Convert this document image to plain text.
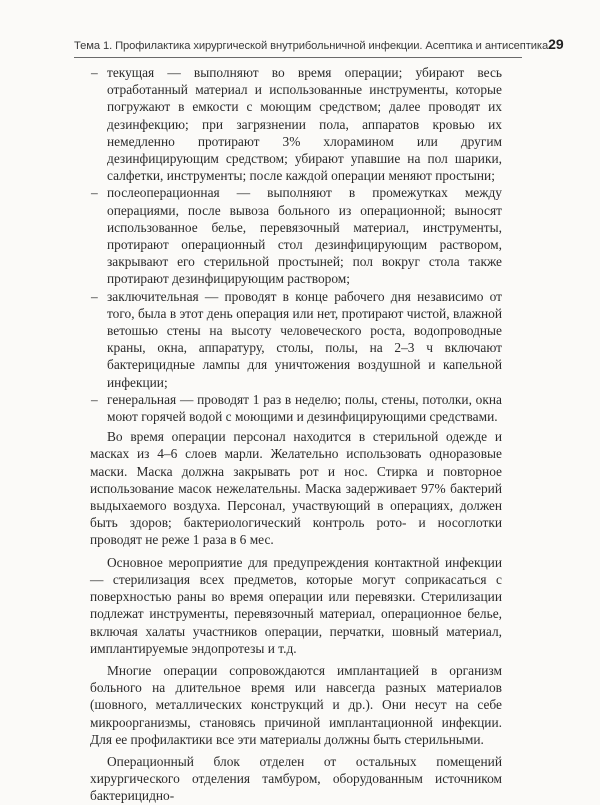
Тема 1. Профилактика хирургической внутрибольничной инфекции. Асептика и антисептика 29
– текущая — выполняют во время операции; убирают весь отработанный материал и использованные инструменты, которые погружают в емкости с моющим средством; далее проводят их дезинфекцию; при загрязнении пола, аппаратов кровью их немедленно протирают 3% хлорамином или другим дезинфицирующим средством; убирают упавшие на пол шарики, салфетки, инструменты; после каждой операции меняют простыни;
– послеоперационная — выполняют в промежутках между операциями, после вывоза больного из операционной; выносят использованное белье, перевязочный материал, инструменты, протирают операционный стол дезинфицирующим раствором, закрывают его стерильной простыней; пол вокруг стола также протирают дезинфицирующим раствором;
– заключительная — проводят в конце рабочего дня независимо от того, была в этот день операция или нет, протирают чистой, влажной ветошью стены на высоту человеческого роста, водопроводные краны, окна, аппаратуру, столы, полы, на 2–3 ч включают бактерицидные лампы для уничтожения воздушной и капельной инфекции;
– генеральная — проводят 1 раз в неделю; полы, стены, потолки, окна моют горячей водой с моющими и дезинфицирующими средствами.

Во время операции персонал находится в стерильной одежде и масках из 4–6 слоев марли. Желательно использовать одноразовые маски. Маска должна закрывать рот и нос. Стирка и повторное использование масок нежелательны. Маска задерживает 97% бактерий выдыхаемого воздуха. Персонал, участвующий в операциях, должен быть здоров; бактериологический контроль рото- и носоглотки проводят не реже 1 раза в 6 мес.

Основное мероприятие для предупреждения контактной инфекции — стерилизация всех предметов, которые могут соприкасаться с поверхностью раны во время операции или перевязки. Стерилизации подлежат инструменты, перевязочный материал, операционное белье, включая халаты участников операции, перчатки, шовный материал, имплантируемые эндопротезы и т.д.

Многие операции сопровождаются имплантацией в организм больного на длительное время или навсегда разных материалов (шовного, металлических конструкций и др.). Они несут на себе микроорганизмы, становясь причиной имплантационной инфекции. Для ее профилактики все эти материалы должны быть стерильными.

Операционный блок отделен от остальных помещений хирургического отделения тамбуром, оборудованным источником бактерицидно-
